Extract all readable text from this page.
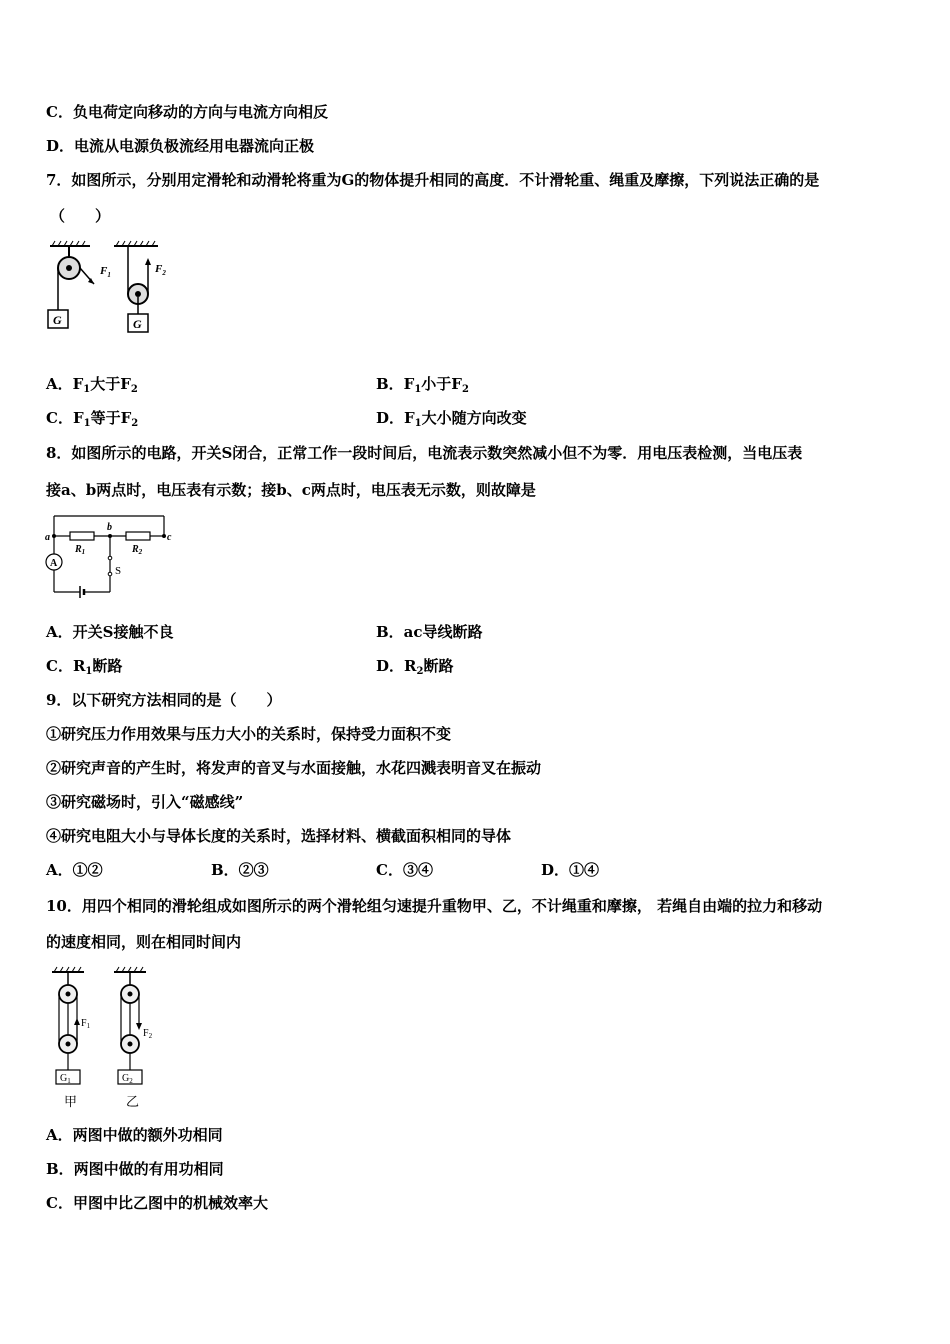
C．负电荷定向移动的方向与电流方向相反
D．电流从电源负极流经用电器流向正极
7．如图所示，分别用定滑轮和动滑轮将重为G的物体提升相同的高度．不计滑轮重、绳重及摩擦，下列说法正确的是
（　　）
$F_1$
G
$F_2$
G
A．$F_1$大于$F_2$	B．$F_1$小于$F_2$
C．$F_1$等于$F_2$	D．$F_1$大小随方向改变
8．如图所示的电路，开关S闭合，正常工作一段时间后，电流表示数突然减小但不为零．用电压表检测，当电压表
接a、b两点时，电压表有示数；接b、c两点时，电压表无示数，则故障是
a
b
c
$R_1$	$R_2$
A
S
A．开关S接触不良	B．ac导线断路
C．$R_1$断路	D．$R_2$断路
9．以下研究方法相同的是（　　）
①研究压力作用效果与压力大小的关系时，保持受力面积不变
②研究声音的产生时，将发声的音叉与水面接触，水花四溅表明音叉在振动
③研究磁场时，引入“磁感线”
④研究电阻大小与导体长度的关系时，选择材料、横截面积相同的导体
A．①②	B．②③	C．③④	D．①④
10．用四个相同的滑轮组成如图所示的两个滑轮组匀速提升重物甲、乙，不计绳重和摩擦， 若绳自由端的拉力和移动
的速度相同，则在相同时间内
$F_1$
$G_1$
甲
$F_2$
$G_2$
乙
A．两图中做的额外功相同
B．两图中做的有用功相同
C．甲图中比乙图中的机械效率大
